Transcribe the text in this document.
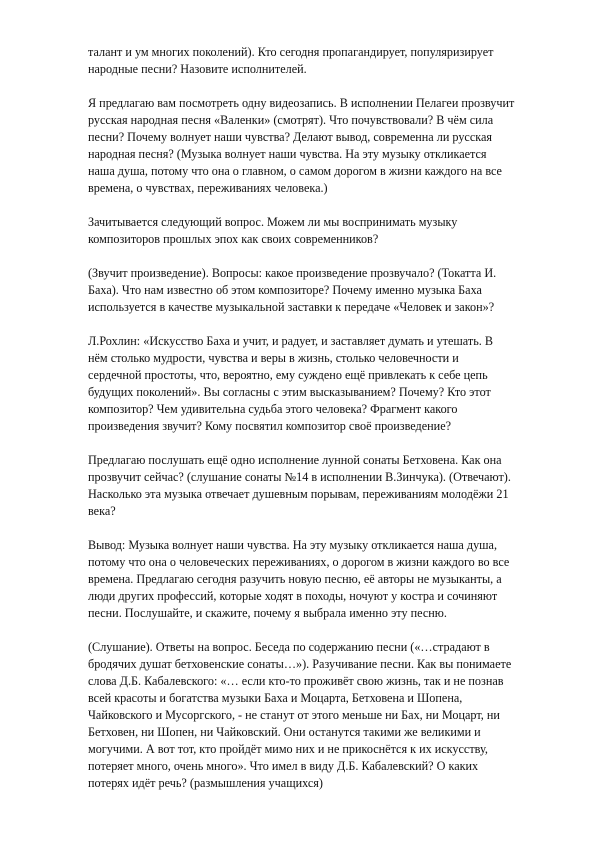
талант и ум многих поколений). Кто сегодня пропагандирует, популяризирует
народные песни? Назовите исполнителей.

Я предлагаю вам посмотреть одну видеозапись. В исполнении Пелагеи прозвучит
русская народная песня «Валенки» (смотрят). Что почувствовали? В чём сила
песни? Почему волнует наши чувства? Делают вывод, современна ли русская
народная песня? (Музыка волнует наши чувства. На эту музыку откликается
наша душа, потому что она о главном, о самом дорогом в жизни каждого на все
времена, о чувствах, переживаниях человека.)

Зачитывается следующий вопрос. Можем ли мы воспринимать музыку
композиторов прошлых эпох как своих современников?

(Звучит произведение). Вопросы: какое произведение прозвучало? (Токатта И.
Баха). Что нам известно об этом композиторе? Почему именно музыка Баха
используется в качестве музыкальной заставки к передаче «Человек и закон»?

Л.Рохлин: «Искусство Баха и учит, и радует, и заставляет думать и утешать. В
нём столько мудрости, чувства и веры в жизнь, столько человечности и
сердечной простоты, что, вероятно, ему суждено ещё привлекать к себе цепь
будущих поколений». Вы согласны с этим высказыванием? Почему? Кто этот
композитор? Чем удивительна судьба этого человека? Фрагмент какого
произведения звучит? Кому посвятил композитор своё произведение?

Предлагаю послушать ещё одно исполнение лунной сонаты Бетховена. Как она
прозвучит сейчас? (слушание сонаты №14 в исполнении В.Зинчука). (Отвечают).
Насколько эта музыка отвечает душевным порывам, переживаниям молодёжи 21
века?

Вывод: Музыка волнует наши чувства. На эту музыку откликается наша душа,
потому что она о человеческих переживаниях, о дорогом в жизни каждого во все
времена. Предлагаю сегодня разучить новую песню, её авторы не музыканты, а
люди других профессий, которые ходят в походы, ночуют у костра и сочиняют
песни. Послушайте, и скажите, почему я выбрала именно эту песню.

(Слушание). Ответы на вопрос. Беседа по содержанию песни («…страдают в
бродячих душат бетховенские сонаты…»). Разучивание песни. Как вы понимаете
слова Д.Б. Кабалевского: «… если кто-то проживёт свою жизнь, так и не познав
всей красоты и богатства музыки Баха и Моцарта, Бетховена и Шопена,
Чайковского и Мусоргского, - не станут от этого меньше ни Бах, ни Моцарт, ни
Бетховен, ни Шопен, ни Чайковский. Они останутся такими же великими и
могучими. А вот тот, кто пройдёт мимо них и не прикоснётся к их искусству,
потеряет много, очень много». Что имел в виду Д.Б. Кабалевский? О каких
потерях идёт речь? (размышления учащихся)
